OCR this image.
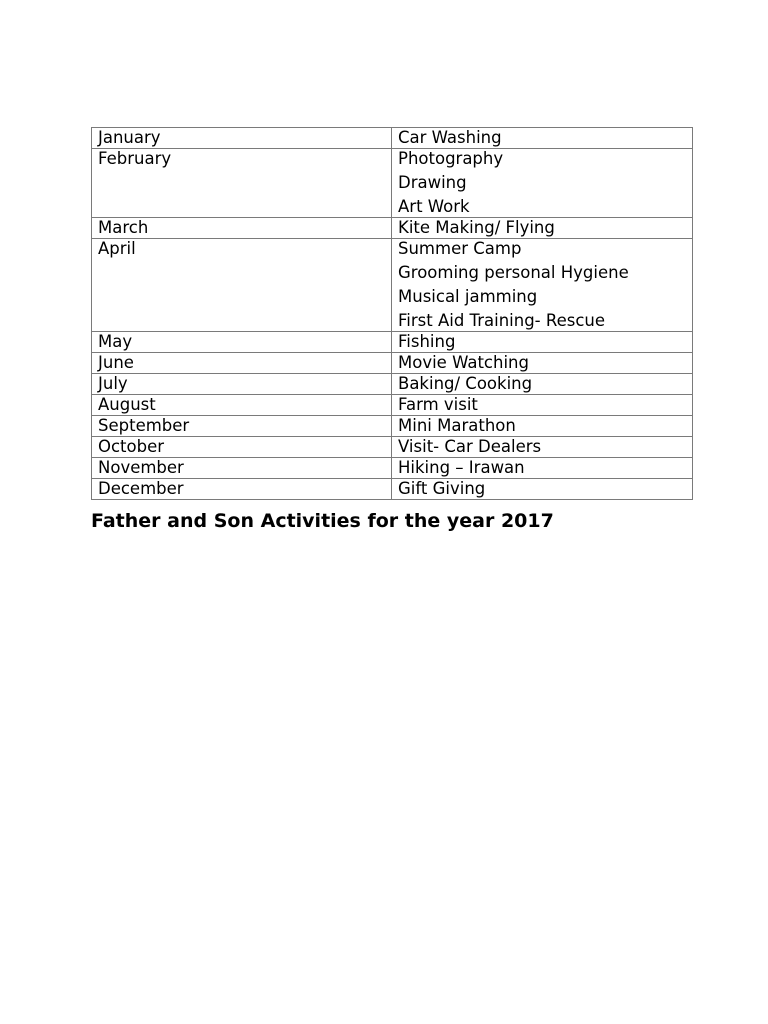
January	Car Washing

February	Photography
Drawing
Art Work

March	Kite Making/ Flying

April	Summer Camp
Grooming personal Hygiene
Musical jamming
First Aid Training- Rescue

May	Fishing

June	Movie Watching

July	Baking/ Cooking

August	Farm visit

September	Mini Marathon

October	Visit- Car Dealers

November	Hiking – Irawan

December	Gift Giving
Father and Son Activities for the year 2017
